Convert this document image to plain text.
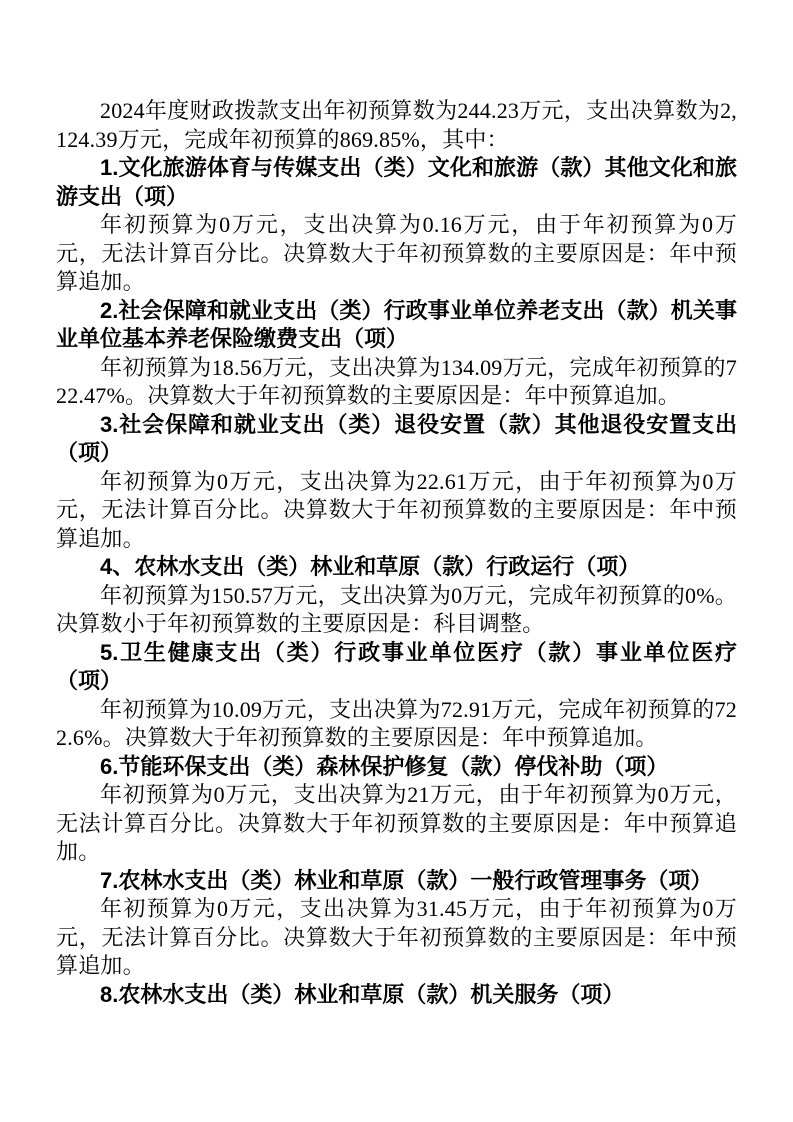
2024年度财政拨款支出年初预算数为244.23万元，支出决算数为2,124.39万元，完成年初预算的869.85%，其中：

1.文化旅游体育与传媒支出（类）文化和旅游（款）其他文化和旅游支出（项）

年初预算为0万元，支出决算为0.16万元，由于年初预算为0万元，无法计算百分比。决算数大于年初预算数的主要原因是：年中预算追加。

2.社会保障和就业支出（类）行政事业单位养老支出（款）机关事业单位基本养老保险缴费支出（项）

年初预算为18.56万元，支出决算为134.09万元，完成年初预算的722.47%。决算数大于年初预算数的主要原因是：年中预算追加。

3.社会保障和就业支出（类）退役安置（款）其他退役安置支出（项）

年初预算为0万元，支出决算为22.61万元，由于年初预算为0万元，无法计算百分比。决算数大于年初预算数的主要原因是：年中预算追加。

4、农林水支出（类）林业和草原（款）行政运行（项）

年初预算为150.57万元，支出决算为0万元，完成年初预算的0%。决算数小于年初预算数的主要原因是：科目调整。

5.卫生健康支出（类）行政事业单位医疗（款）事业单位医疗（项）

年初预算为10.09万元，支出决算为72.91万元，完成年初预算的722.6%。决算数大于年初预算数的主要原因是：年中预算追加。

6.节能环保支出（类）森林保护修复（款）停伐补助（项）

年初预算为0万元，支出决算为21万元，由于年初预算为0万元，无法计算百分比。决算数大于年初预算数的主要原因是：年中预算追加。

7.农林水支出（类）林业和草原（款）一般行政管理事务（项）

年初预算为0万元，支出决算为31.45万元，由于年初预算为0万元，无法计算百分比。决算数大于年初预算数的主要原因是：年中预算追加。

8.农林水支出（类）林业和草原（款）机关服务（项）
